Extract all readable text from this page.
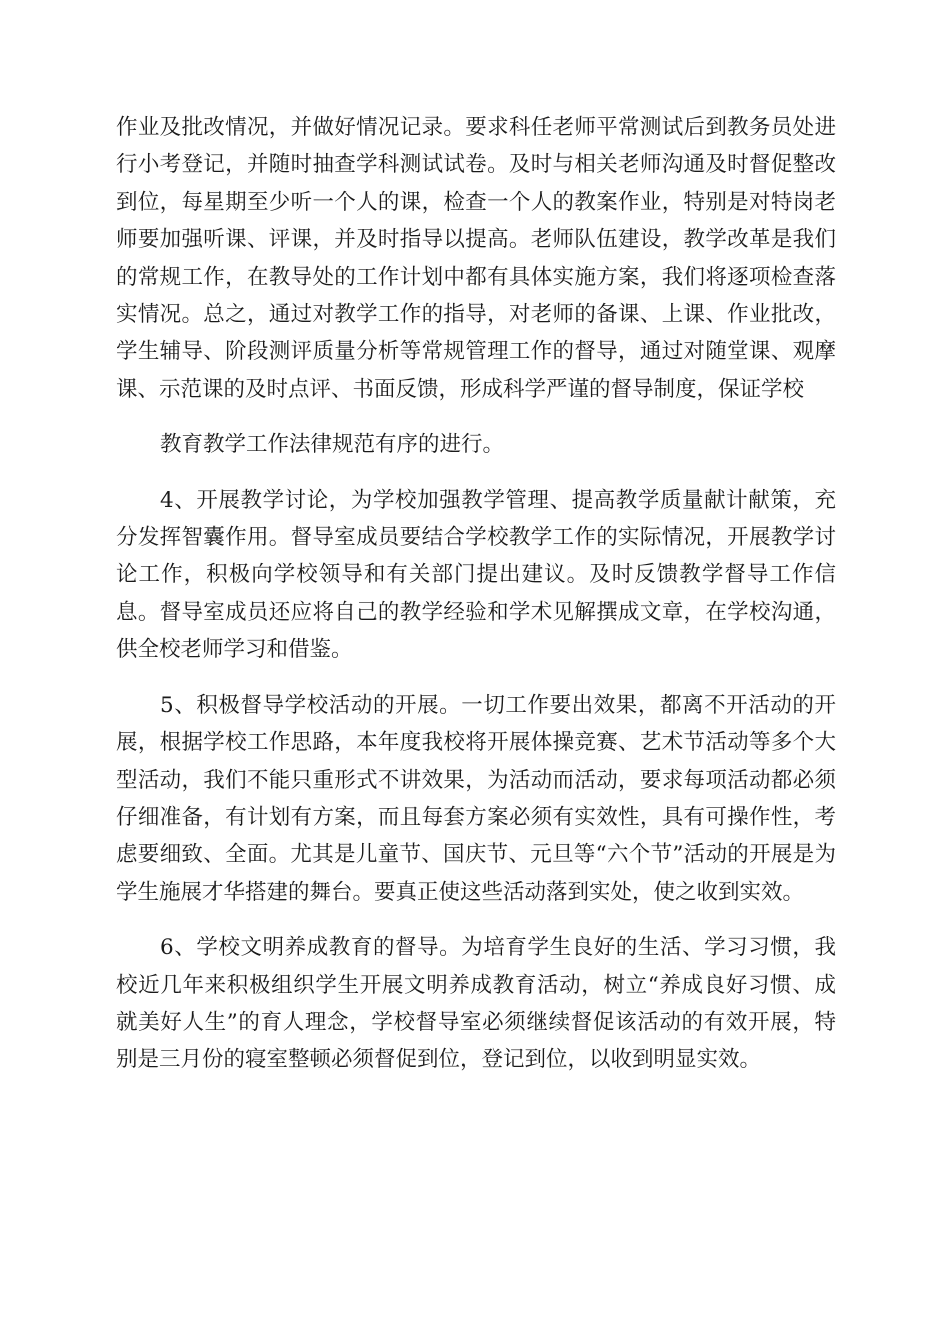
作业及批改情况，并做好情况记录。要求科任老师平常测试后到教务员处进行小考登记，并随时抽查学科测试试卷。及时与相关老师沟通及时督促整改到位，每星期至少听一个人的课，检查一个人的教案作业，特别是对特岗老师要加强听课、评课，并及时指导以提高。老师队伍建设，教学改革是我们的常规工作，在教导处的工作计划中都有具体实施方案，我们将逐项检查落实情况。总之，通过对教学工作的指导，对老师的备课、上课、作业批改，学生辅导、阶段测评质量分析等常规管理工作的督导，通过对随堂课、观摩课、示范课的及时点评、书面反馈，形成科学严谨的督导制度，保证学校

教育教学工作法律规范有序的进行。

4、开展教学讨论，为学校加强教学管理、提高教学质量献计献策，充分发挥智囊作用。督导室成员要结合学校教学工作的实际情况，开展教学讨论工作，积极向学校领导和有关部门提出建议。及时反馈教学督导工作信息。督导室成员还应将自己的教学经验和学术见解撰成文章，在学校沟通，供全校老师学习和借鉴。

5、积极督导学校活动的开展。一切工作要出效果，都离不开活动的开展，根据学校工作思路，本年度我校将开展体操竞赛、艺术节活动等多个大型活动，我们不能只重形式不讲效果，为活动而活动，要求每项活动都必须仔细准备，有计划有方案，而且每套方案必须有实效性，具有可操作性，考虑要细致、全面。尤其是儿童节、国庆节、元旦等“六个节”活动的开展是为学生施展才华搭建的舞台。要真正使这些活动落到实处，使之收到实效。

6、学校文明养成教育的督导。为培育学生良好的生活、学习习惯，我校近几年来积极组织学生开展文明养成教育活动，树立“养成良好习惯、成就美好人生”的育人理念，学校督导室必须继续督促该活动的有效开展，特别是三月份的寝室整顿必须督促到位，登记到位，以收到明显实效。
